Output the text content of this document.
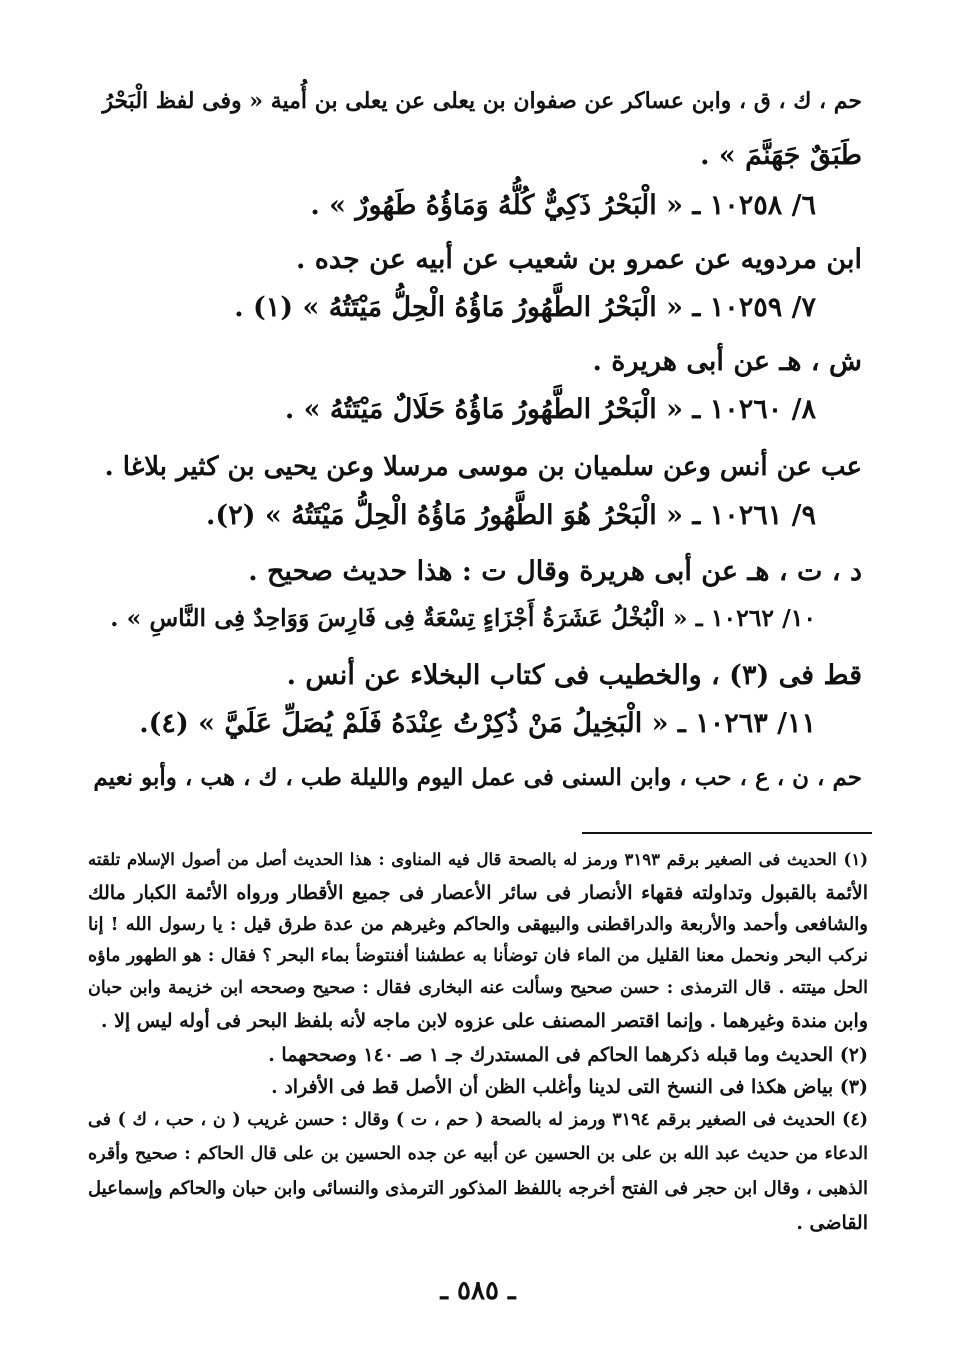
حم ، ك ، ق ، وابن عساكر عن صفوان بن يعلى عن يعلى بن أُمية « وفى لفظ الْبَحْرُ
طَبَقٌ جَهَنَّمَ » .
٦/ ١٠٢٥٨ ـ « الْبَحْرُ ذَكِيٌّ كُلُّهُ وَمَاؤُهُ طَهُورٌ » .
ابن مردويه عن عمرو بن شعيب عن أبيه عن جده .
٧/ ١٠٢٥٩ ـ « الْبَحْرُ الطَّهُورُ مَاؤُهُ الْحِلُّ مَيْتَتُهُ » (١) .
ش ، هـ عن أبى هريرة .
٨/ ١٠٢٦٠ ـ « الْبَحْرُ الطَّهُورُ مَاؤُهُ حَلَالٌ مَيْتَتُهُ » .
عب عن أنس وعن سلميان بن موسى مرسلا وعن يحيى بن كثير بلاغا .
٩/ ١٠٢٦١ ـ « الْبَحْرُ هُوَ الطَّهُورُ مَاؤُهُ الْحِلُّ مَيْتَتُهُ » (٢).
د ، ت ، هـ عن أبى هريرة وقال ت : هذا حديث صحيح .
١٠/ ١٠٢٦٢ ـ « الْبُخْلُ عَشَرَةُ أَجْزَاءٍ تِسْعَةٌ فِى فَارِسَ وَوَاحِدٌ فِى النَّاسِ » .
قط فى (٣) ، والخطيب فى كتاب البخلاء عن أنس .
١١/ ١٠٢٦٣ ـ « الْبَخِيلُ مَنْ ذُكِرْتُ عِنْدَهُ فَلَمْ يُصَلِّ عَلَيَّ » (٤).
حم ، ن ، ع ، حب ، وابن السنى فى عمل اليوم والليلة طب ، ك ، هب ، وأبو نعيم
(١) الحديث فى الصغير برقم ٣١٩٣ ورمز له بالصحة قال فيه المناوى : هذا الحديث أصل من أصول الإسلام تلقته
الأئمة بالقبول وتداولته فقهاء الأنصار فى سائر الأعصار فى جميع الأقطار ورواه الأئمة الكبار مالك
والشافعى وأحمد والأربعة والدراقطنى والبيهقى والحاكم وغيرهم من عدة طرق قيل : يا رسول الله ! إنا
نركب البحر ونحمل معنا القليل من الماء فان توضأنا به عطشنا أفنتوضأ بماء البحر ؟ فقال : هو الطهور ماؤه
الحل ميتته . قال الترمذى : حسن صحيح وسألت عنه البخارى فقال : صحيح وصححه ابن خزيمة وابن حبان
وابن مندة وغيرهما . وإنما اقتصر المصنف على عزوه لابن ماجه لأنه بلفظ البحر فى أوله ليس إلا .
(٢) الحديث وما قبله ذكرهما الحاكم فى المستدرك جـ ١ صـ ١٤٠ وصححهما .
(٣) بياض هكذا فى النسخ التى لدينا وأغلب الظن أن الأصل قط فى الأفراد .
(٤) الحديث فى الصغير برقم ٣١٩٤ ورمز له بالصحة ( حم ، ت ) وقال : حسن غريب ( ن ، حب ، ك ) فى
الدعاء من حديث عبد الله بن على بن الحسين عن أبيه عن جده الحسين بن على قال الحاكم : صحيح وأقره
الذهبى ، وقال ابن حجر فى الفتح أخرجه باللفظ المذكور الترمذى والنسائى وابن حبان والحاكم وإسماعيل
القاضى .
ـ ٥٨٥ ـ
